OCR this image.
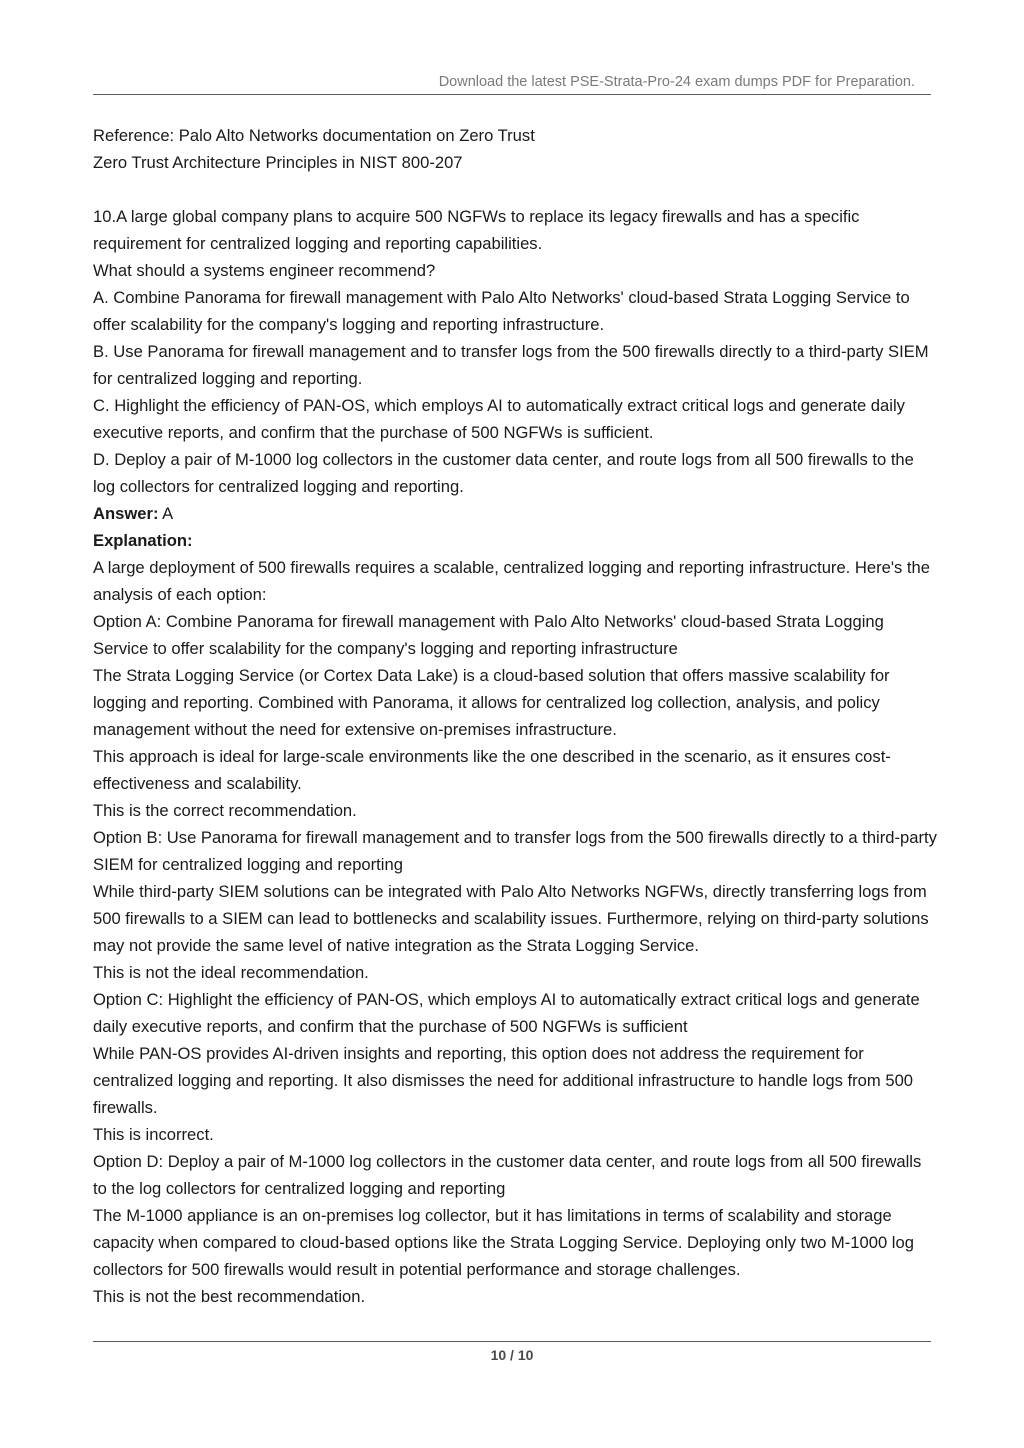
Download the latest PSE-Strata-Pro-24 exam dumps PDF for Preparation.

Reference: Palo Alto Networks documentation on Zero Trust

Zero Trust Architecture Principles in NIST 800-207

10.A large global company plans to acquire 500 NGFWs to replace its legacy firewalls and has a specific requirement for centralized logging and reporting capabilities.

What should a systems engineer recommend?

A. Combine Panorama for firewall management with Palo Alto Networks' cloud-based Strata Logging Service to offer scalability for the company's logging and reporting infrastructure.

B. Use Panorama for firewall management and to transfer logs from the 500 firewalls directly to a third-party SIEM for centralized logging and reporting.

C. Highlight the efficiency of PAN-OS, which employs AI to automatically extract critical logs and generate daily executive reports, and confirm that the purchase of 500 NGFWs is sufficient.

D. Deploy a pair of M-1000 log collectors in the customer data center, and route logs from all 500 firewalls to the log collectors for centralized logging and reporting.

Answer: A

Explanation:

A large deployment of 500 firewalls requires a scalable, centralized logging and reporting infrastructure. Here's the analysis of each option:

Option A: Combine Panorama for firewall management with Palo Alto Networks' cloud-based Strata Logging Service to offer scalability for the company's logging and reporting infrastructure

The Strata Logging Service (or Cortex Data Lake) is a cloud-based solution that offers massive scalability for logging and reporting. Combined with Panorama, it allows for centralized log collection, analysis, and policy management without the need for extensive on-premises infrastructure.

This approach is ideal for large-scale environments like the one described in the scenario, as it ensures cost-effectiveness and scalability.

This is the correct recommendation.

Option B: Use Panorama for firewall management and to transfer logs from the 500 firewalls directly to a third-party SIEM for centralized logging and reporting

While third-party SIEM solutions can be integrated with Palo Alto Networks NGFWs, directly transferring logs from 500 firewalls to a SIEM can lead to bottlenecks and scalability issues. Furthermore, relying on third-party solutions may not provide the same level of native integration as the Strata Logging Service.

This is not the ideal recommendation.

Option C: Highlight the efficiency of PAN-OS, which employs AI to automatically extract critical logs and generate daily executive reports, and confirm that the purchase of 500 NGFWs is sufficient

While PAN-OS provides AI-driven insights and reporting, this option does not address the requirement for centralized logging and reporting. It also dismisses the need for additional infrastructure to handle logs from 500 firewalls.

This is incorrect.

Option D: Deploy a pair of M-1000 log collectors in the customer data center, and route logs from all 500 firewalls to the log collectors for centralized logging and reporting

The M-1000 appliance is an on-premises log collector, but it has limitations in terms of scalability and storage capacity when compared to cloud-based options like the Strata Logging Service. Deploying only two M-1000 log collectors for 500 firewalls would result in potential performance and storage challenges.

This is not the best recommendation.

10 / 10
